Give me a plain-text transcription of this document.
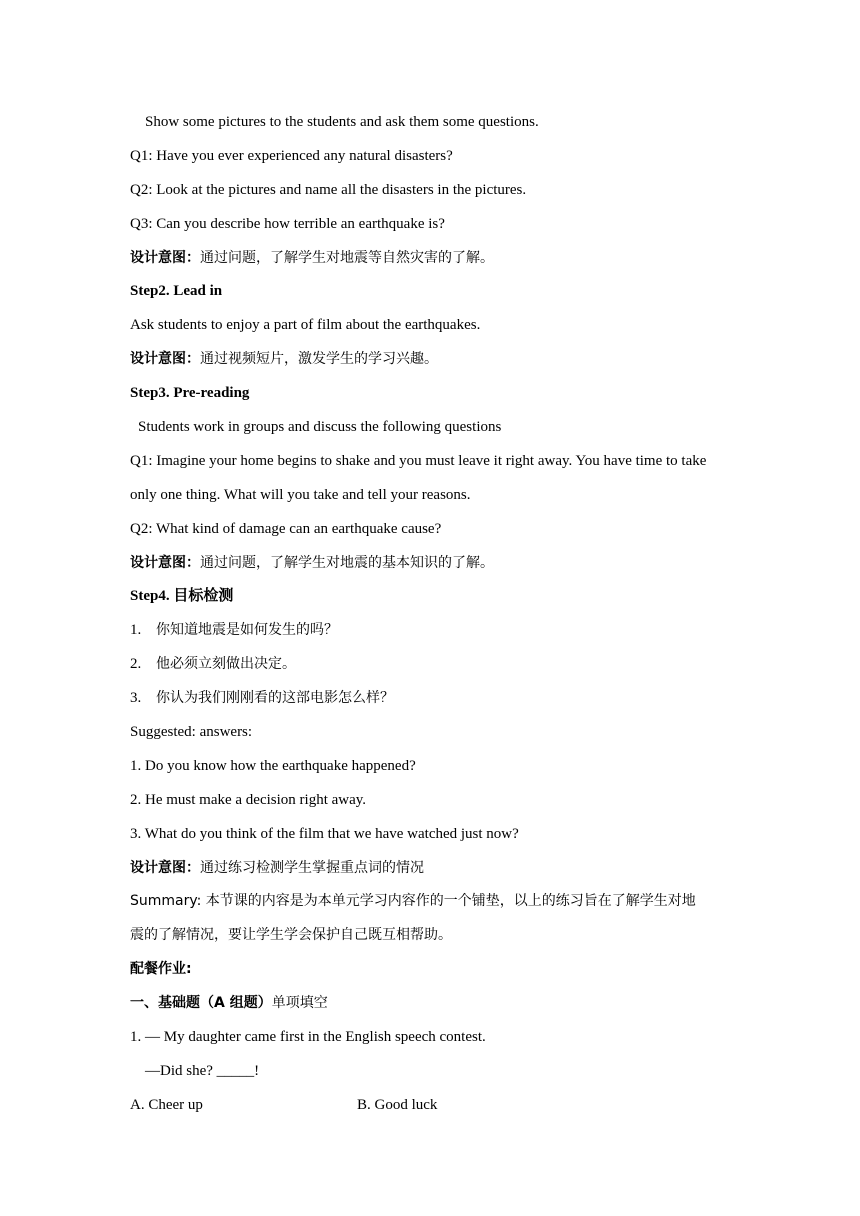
Show some pictures to the students and ask them some questions.
Q1: Have you ever experienced any natural disasters?
Q2: Look at the pictures and name all the disasters in the pictures.
Q3: Can you describe how terrible an earthquake is?
设计意图：通过问题，了解学生对地震等自然灾害的了解。
Step2. Lead in
Ask students to enjoy a part of film about the earthquakes.
设计意图：通过视频短片，激发学生的学习兴趣。
Step3. Pre-reading
Students work in groups and discuss the following questions
Q1: Imagine your home begins to shake and you must leave it right away. You have time to take
only one thing. What will you take and tell your reasons.
Q2: What kind of damage can an earthquake cause?
设计意图：通过问题，了解学生对地震的基本知识的了解。
Step4. 目标检测
1. 你知道地震是如何发生的吗？
2. 他必须立刻做出决定。
3. 你认为我们刚刚看的这部电影怎么样？
Suggested: answers:
1. Do you know how the earthquake happened?
2. He must make a decision right away.
3. What do you think of the film that we have watched just now?
设计意图：通过练习检测学生掌握重点词的情况
Summary: 本节课的内容是为本单元学习内容作的一个铺垫，以上的练习旨在了解学生对地
震的了解情况，要让学生学会保护自己既互相帮助。
配餐作业:
一、基础题（A 组题）单项填空
1. — My daughter came first in the English speech contest.
—Did she? _____!
A. Cheer up	B. Good luck
